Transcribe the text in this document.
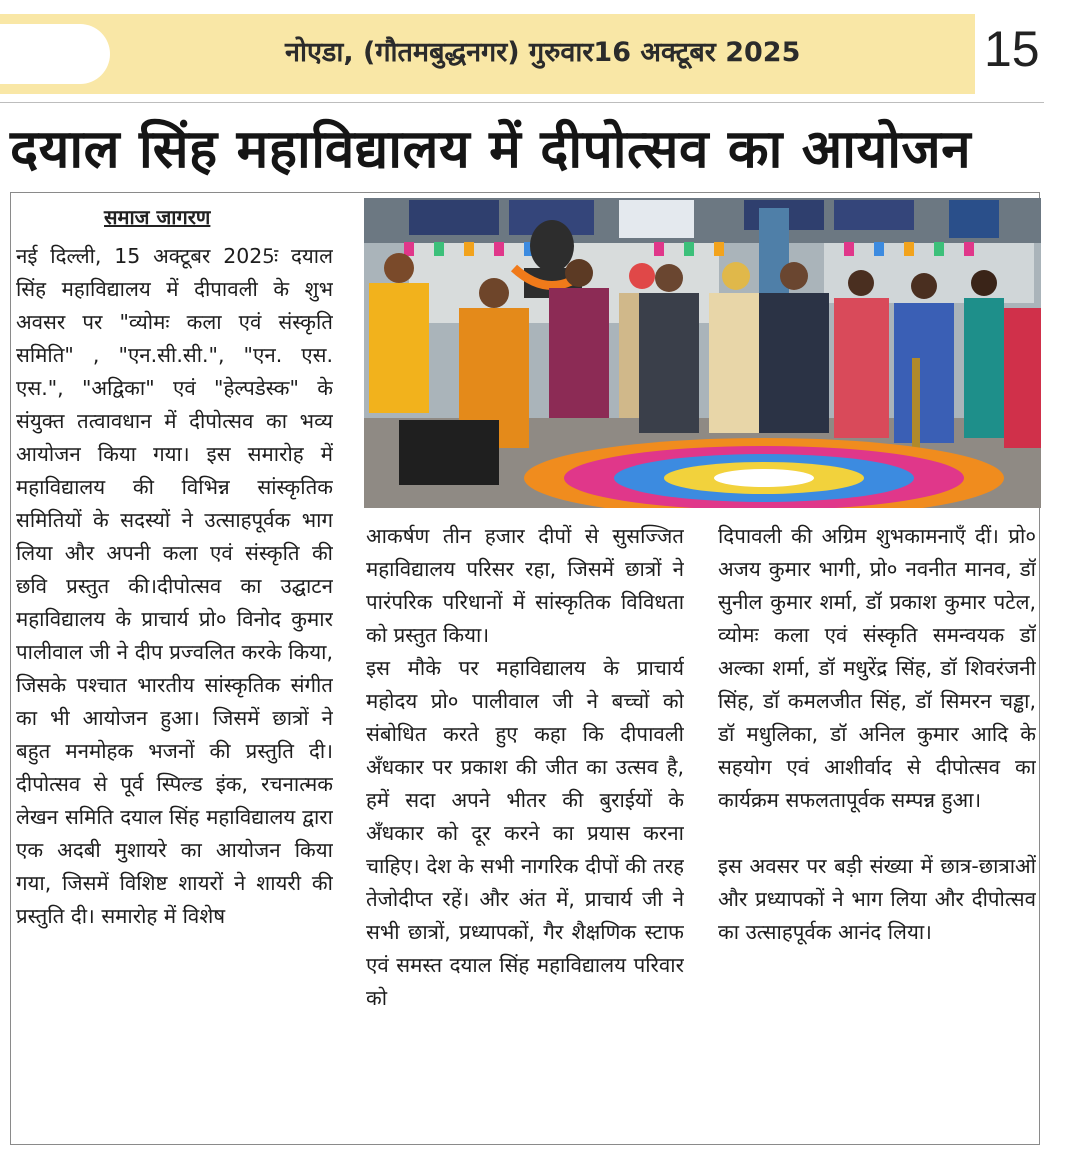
नोएडा, (गौतमबुद्धनगर) गुरुवार16 अक्टूबर 2025	15
दयाल सिंह महाविद्यालय में दीपोत्सव का आयोजन
समाज जागरण

नई दिल्ली, 15 अक्टूबर 2025ः दयाल सिंह महाविद्यालय में दीपावली के शुभ अवसर पर "व्योमः कला एवं संस्कृति समिति" , "एन.सी.सी.", "एन. एस. एस.", "अद्विका" एवं "हेल्पडेस्क" के संयुक्त तत्वावधान में दीपोत्सव का भव्य आयोजन किया गया। इस समारोह में महाविद्यालय की विभिन्न सांस्कृतिक समितियों के सदस्यों ने उत्साहपूर्वक भाग लिया और अपनी कला एवं संस्कृति की छवि प्रस्तुत की।दीपोत्सव का उद्घाटन महाविद्यालय के प्राचार्य प्रो० विनोद कुमार पालीवाल जी ने दीप प्रज्वलित करके किया, जिसके पश्चात भारतीय सांस्कृतिक संगीत का भी आयोजन हुआ। जिसमें छात्रों ने बहुत मनमोहक भजनों की प्रस्तुति दी। दीपोत्सव से पूर्व स्पिल्ड इंक, रचनात्मक लेखन समिति दयाल सिंह महाविद्यालय द्वारा एक अदबी मुशायरे का आयोजन किया गया, जिसमें विशिष्ट शायरों ने शायरी की प्रस्तुति दी। समारोह में विशेष

आकर्षण तीन हजार दीपों से सुसज्जित महाविद्यालय परिसर रहा, जिसमें छात्रों ने पारंपरिक परिधानों में सांस्कृतिक विविधता को प्रस्तुत किया।

इस मौके पर महाविद्यालय के प्राचार्य महोदय प्रो० पालीवाल जी ने बच्चों को संबोधित करते हुए कहा कि दीपावली अँधकार पर प्रकाश की जीत का उत्सव है, हमें सदा अपने भीतर की बुराईयों के अँधकार को दूर करने का प्रयास करना चाहिए। देश के सभी नागरिक दीपों की तरह तेजोदीप्त रहें। और अंत में, प्राचार्य जी ने सभी छात्रों, प्रध्यापकों, गैर शैक्षणिक स्टाफ एवं समस्त दयाल सिंह महाविद्यालय परिवार को

दिपावली की अग्रिम शुभकामनाएँ दीं। प्रो० अजय कुमार भागी, प्रो० नवनीत मानव, डॉ सुनील कुमार शर्मा, डॉ प्रकाश कुमार पटेल, व्योमः कला एवं संस्कृति समन्वयक डॉ अल्का शर्मा, डॉ मधुरेंद्र सिंह, डॉ शिवरंजनी सिंह, डॉ कमलजीत सिंह, डॉ सिमरन चड्ढा, डॉ मधुलिका, डॉ अनिल कुमार आदि के सहयोग एवं आशीर्वाद से दीपोत्सव का कार्यक्रम सफलतापूर्वक सम्पन्न हुआ।

इस अवसर पर बड़ी संख्या में छात्र-छात्राओं और प्रध्यापकों ने भाग लिया और दीपोत्सव का उत्साहपूर्वक आनंद लिया।
